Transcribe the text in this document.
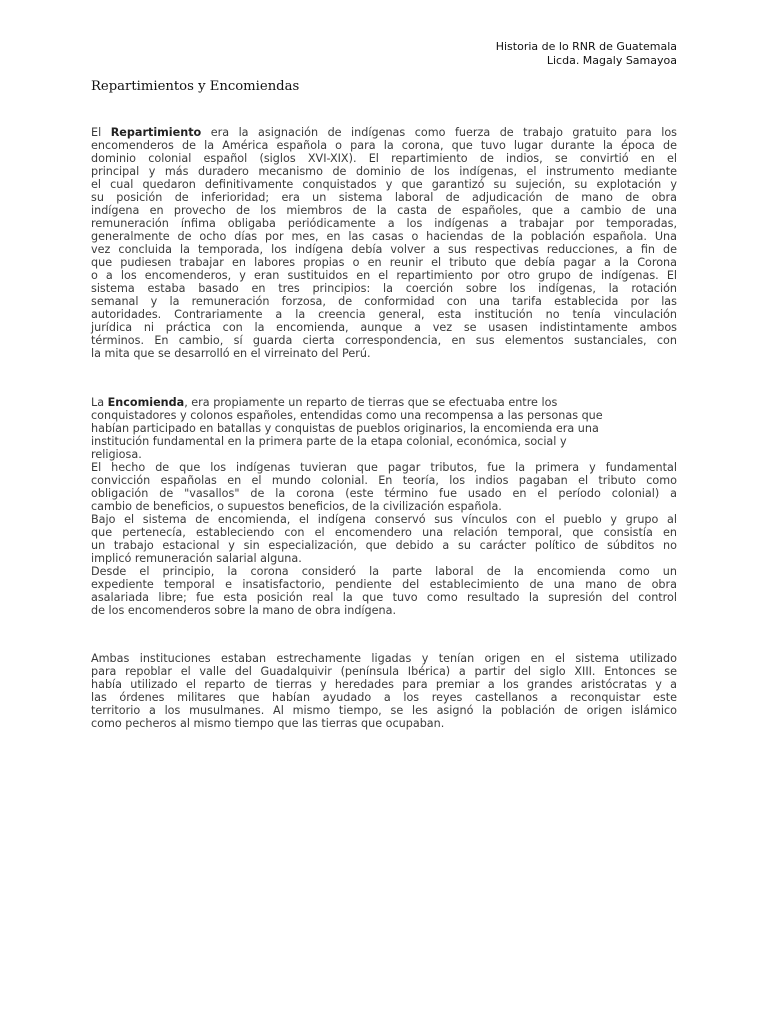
Historia de lo RNR de Guatemala
Licda. Magaly Samayoa
Repartimientos y Encomiendas

El Repartimiento era la asignación de indígenas como fuerza de trabajo gratuito para los
encomenderos de la América española o para la corona, que tuvo lugar durante la época de
dominio colonial español (siglos XVI-XIX). El repartimiento de indios, se convirtió en el
principal y más duradero mecanismo de dominio de los indígenas, el instrumento mediante
el cual quedaron definitivamente conquistados y que garantizó su sujeción, su explotación y
su posición de inferioridad; era un sistema laboral de adjudicación de mano de obra
indígena en provecho de los miembros de la casta de españoles, que a cambio de una
remuneración ínfima obligaba periódicamente a los indígenas a trabajar por temporadas,
generalmente de ocho días por mes, en las casas o haciendas de la población española. Una
vez concluida la temporada, los indígena debía volver a sus respectivas reducciones, a fin de
que pudiesen trabajar en labores propias o en reunir el tributo que debía pagar a la Corona
o a los encomenderos, y eran sustituidos en el repartimiento por otro grupo de indígenas. El
sistema estaba basado en tres principios: la coerción sobre los indígenas, la rotación
semanal y la remuneración forzosa, de conformidad con una tarifa establecida por las
autoridades. Contrariamente a la creencia general, esta institución no tenía vinculación
jurídica ni práctica con la encomienda, aunque a vez se usasen indistintamente ambos
términos. En cambio, sí guarda cierta correspondencia, en sus elementos sustanciales, con
la mita que se desarrolló en el virreinato del Perú.

La Encomienda, era propiamente un reparto de tierras que se efectuaba entre los
conquistadores y colonos españoles, entendidas como una recompensa a las personas que
habían participado en batallas y conquistas de pueblos originarios, la encomienda era una
institución fundamental en la primera parte de la etapa colonial, económica, social y
religiosa.
El hecho de que los indígenas tuvieran que pagar tributos, fue la primera y fundamental
convicción españolas en el mundo colonial. En teoría, los indios pagaban el tributo como
obligación de "vasallos" de la corona (este término fue usado en el período colonial) a
cambio de beneficios, o supuestos beneficios, de la civilización española.
Bajo el sistema de encomienda, el indígena conservó sus vínculos con el pueblo y grupo al
que pertenecía, estableciendo con el encomendero una relación temporal, que consistía en
un trabajo estacional y sin especialización, que debido a su carácter político de súbditos no
implicó remuneración salarial alguna.
Desde el principio, la corona consideró la parte laboral de la encomienda como un
expediente temporal e insatisfactorio, pendiente del establecimiento de una mano de obra
asalariada libre; fue esta posición real la que tuvo como resultado la supresión del control
de los encomenderos sobre la mano de obra indígena.

Ambas instituciones estaban estrechamente ligadas y tenían origen en el sistema utilizado
para repoblar el valle del Guadalquivir (península Ibérica) a partir del siglo XIII. Entonces se
había utilizado el reparto de tierras y heredades para premiar a los grandes aristócratas y a
las órdenes militares que habían ayudado a los reyes castellanos a reconquistar este
territorio a los musulmanes. Al mismo tiempo, se les asignó la población de origen islámico
como pecheros al mismo tiempo que las tierras que ocupaban.
